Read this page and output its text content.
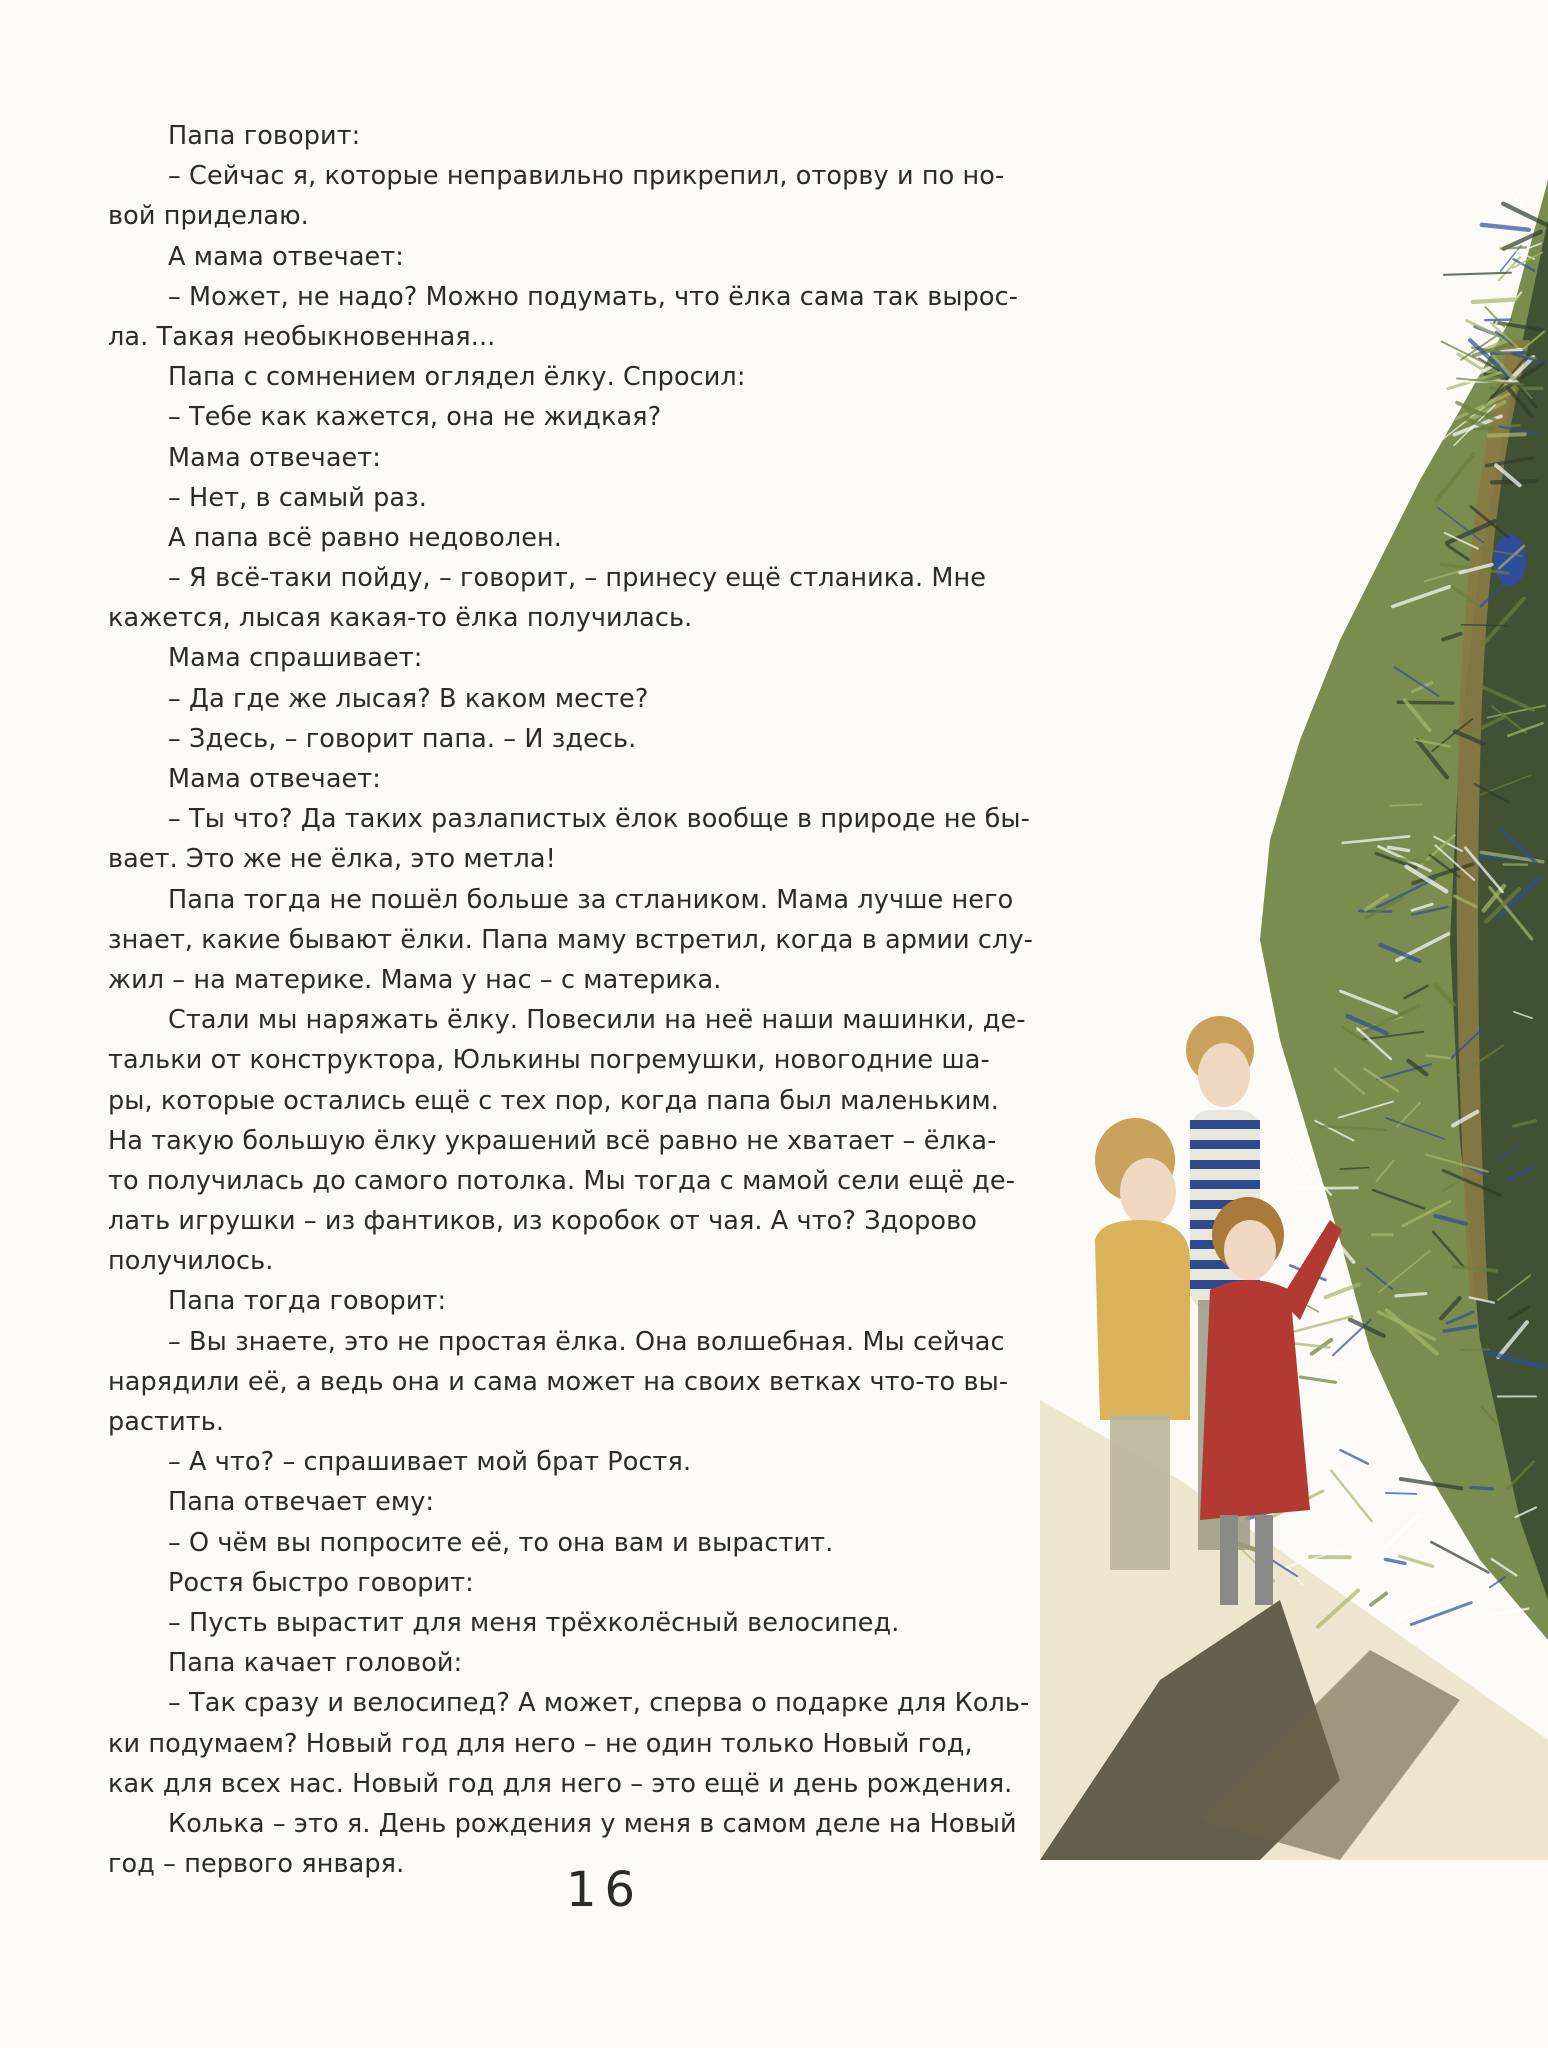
Папа говорит:
– Сейчас я, которые неправильно прикрепил, оторву и по но-
вой приделаю.
А мама отвечает:
– Может, не надо? Можно подумать, что ёлка сама так вырос-
ла. Такая необыкновенная...
Папа с сомнением оглядел ёлку. Спросил:
– Тебе как кажется, она не жидкая?
Мама отвечает:
– Нет, в самый раз.
А папа всё равно недоволен.
– Я всё-таки пойду, – говорит, – принесу ещё стланика. Мне
кажется, лысая какая-то ёлка получилась.
Мама спрашивает:
– Да где же лысая? В каком месте?
– Здесь, – говорит папа. – И здесь.
Мама отвечает:
– Ты что? Да таких разлапистых ёлок вообще в природе не бы-
вает. Это же не ёлка, это метла!
Папа тогда не пошёл больше за стлаником. Мама лучше него
знает, какие бывают ёлки. Папа маму встретил, когда в армии слу-
жил – на материке. Мама у нас – с материка.
Стали мы наряжать ёлку. Повесили на неё наши машинки, де-
тальки от конструктора, Юлькины погремушки, новогодние ша-
ры, которые остались ещё с тех пор, когда папа был маленьким.
На такую большую ёлку украшений всё равно не хватает – ёлка-
то получилась до самого потолка. Мы тогда с мамой сели ещё де-
лать игрушки – из фантиков, из коробок от чая. А что? Здорово
получилось.
Папа тогда говорит:
– Вы знаете, это не простая ёлка. Она волшебная. Мы сейчас
нарядили её, а ведь она и сама может на своих ветках что-то вы-
растить.
– А что? – спрашивает мой брат Ростя.
Папа отвечает ему:
– О чём вы попросите её, то она вам и вырастит.
Ростя быстро говорит:
– Пусть вырастит для меня трёхколёсный велосипед.
Папа качает головой:
– Так сразу и велосипед? А может, сперва о подарке для Коль-
ки подумаем? Новый год для него – не один только Новый год,
как для всех нас. Новый год для него – это ещё и день рождения.
Колька – это я. День рождения у меня в самом деле на Новый
год – первого января.	16
